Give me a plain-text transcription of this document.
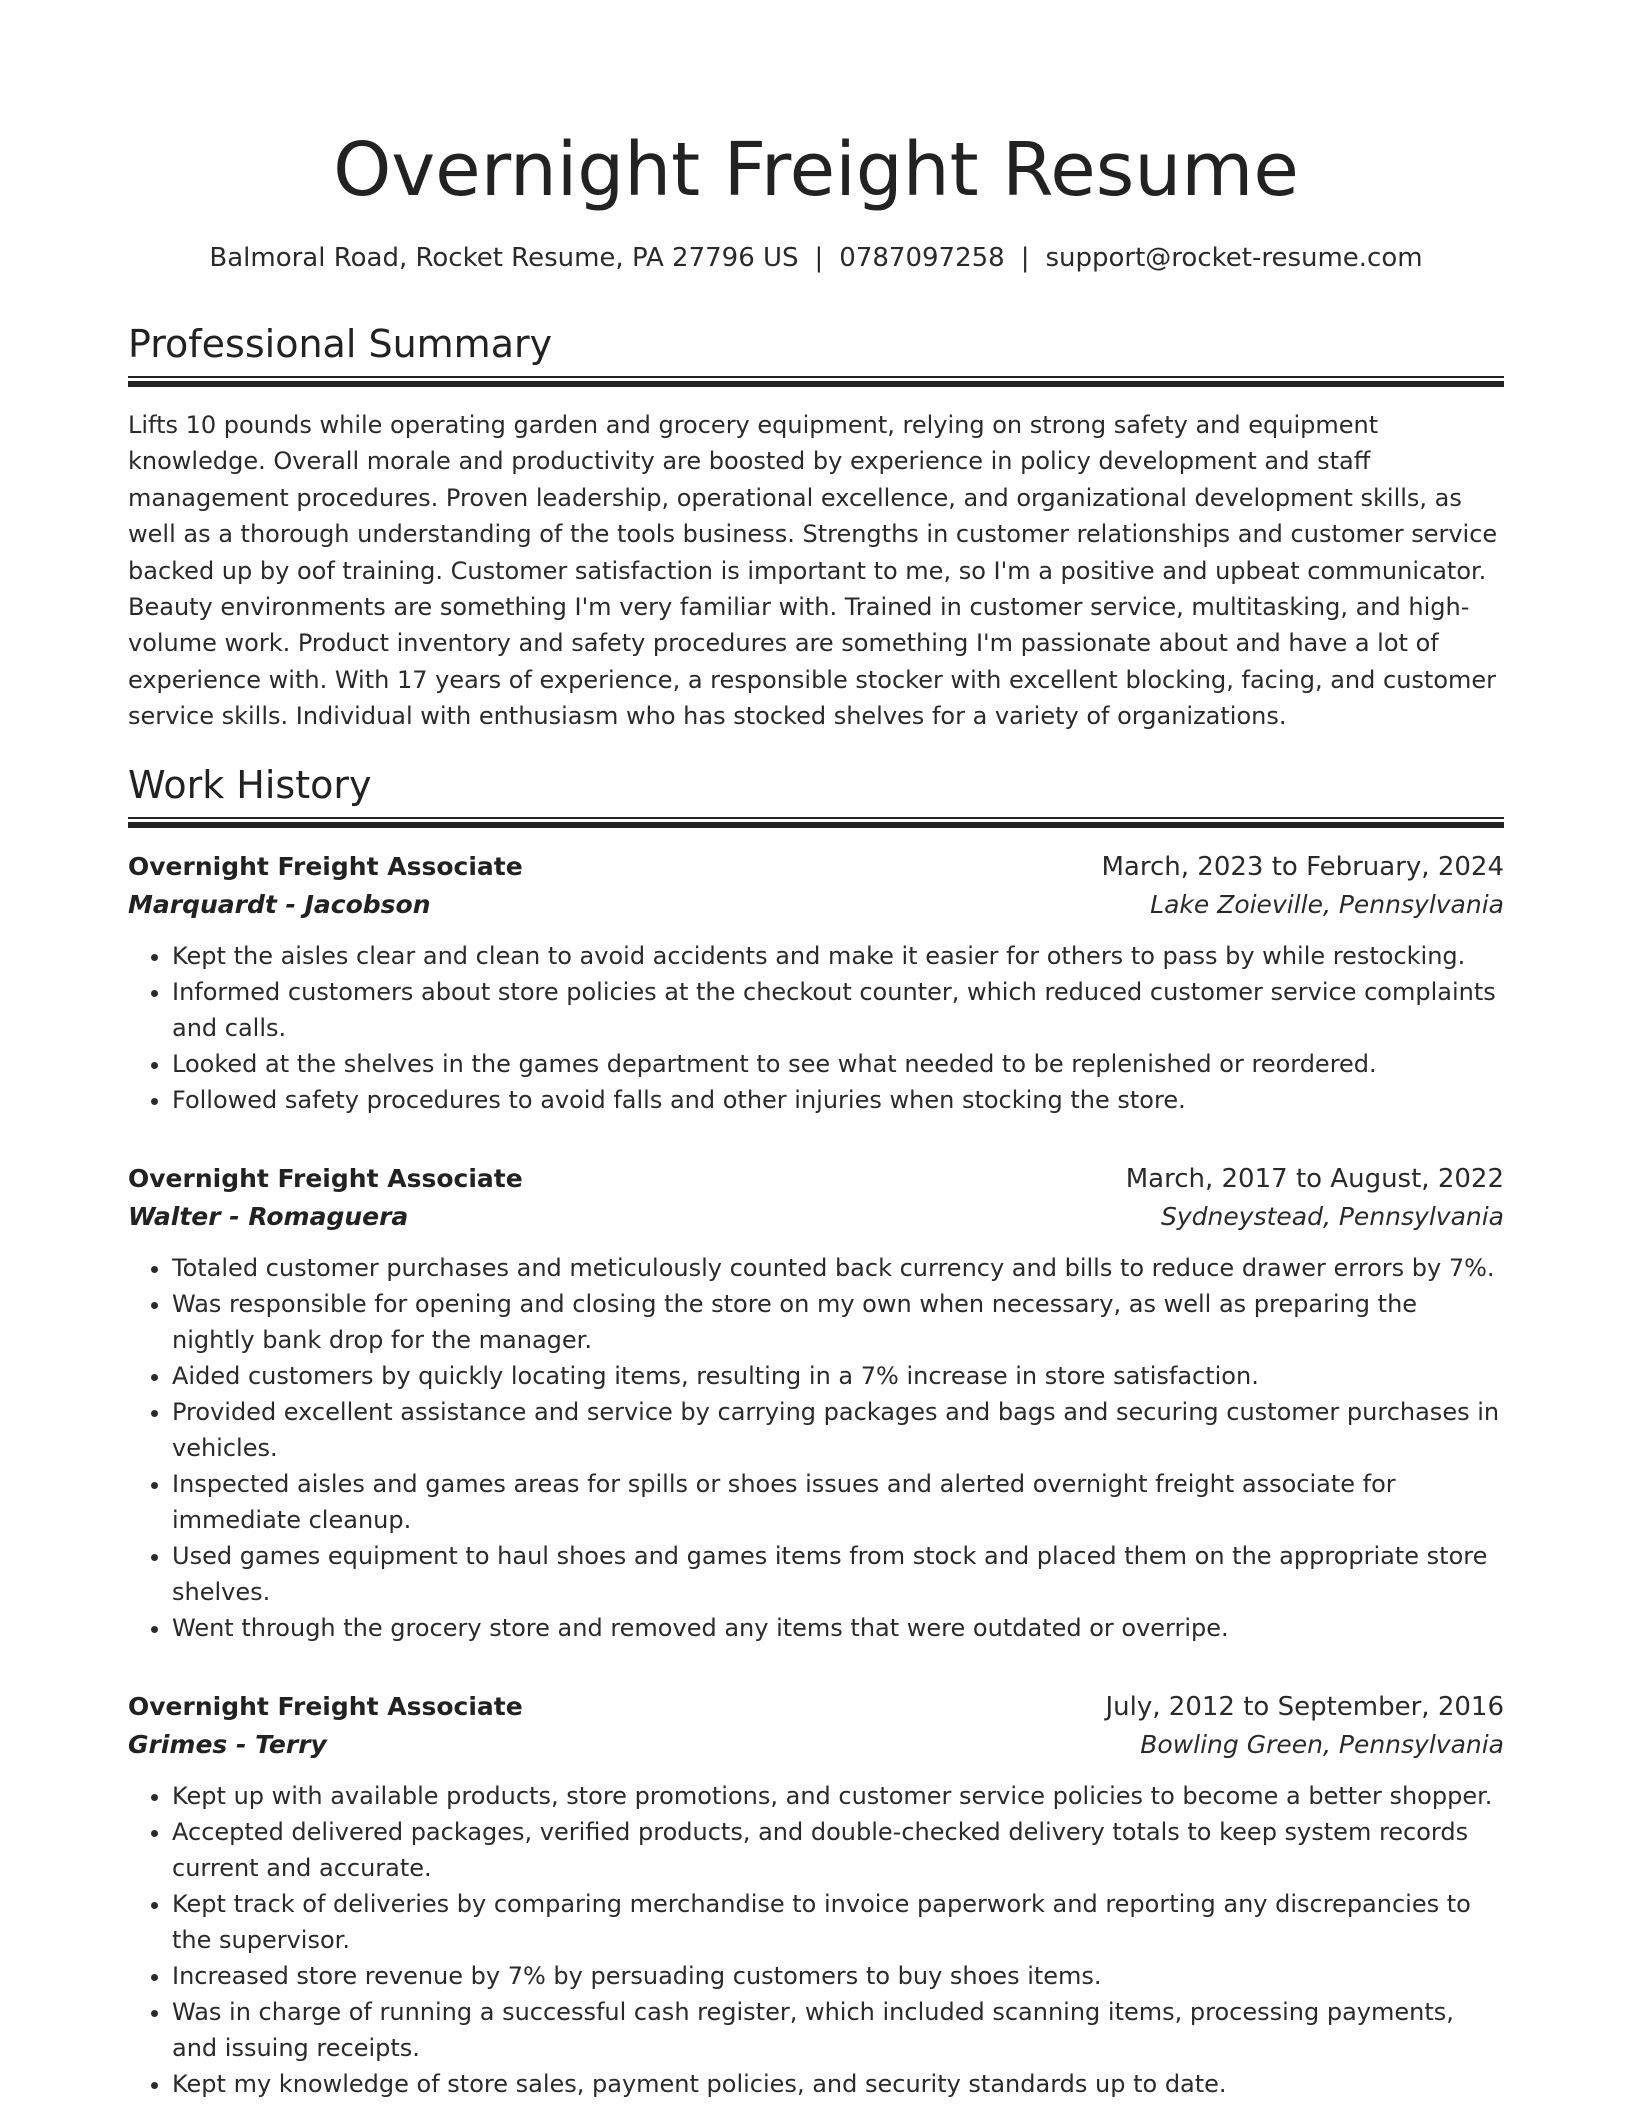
Overnight Freight Resume
Balmoral Road, Rocket Resume, PA 27796 US | 0787097258 | support@rocket-resume.com
Professional Summary

Lifts 10 pounds while operating garden and grocery equipment, relying on strong safety and equipment knowledge. Overall morale and productivity are boosted by experience in policy development and staff management procedures. Proven leadership, operational excellence, and organizational development skills, as well as a thorough understanding of the tools business. Strengths in customer relationships and customer service backed up by oof training. Customer satisfaction is important to me, so I'm a positive and upbeat communicator. Beauty environments are something I'm very familiar with. Trained in customer service, multitasking, and high-volume work. Product inventory and safety procedures are something I'm passionate about and have a lot of experience with. With 17 years of experience, a responsible stocker with excellent blocking, facing, and customer service skills. Individual with enthusiasm who has stocked shelves for a variety of organizations.

Work History
Overnight Freight Associate	March, 2023 to February, 2024
Marquardt - Jacobson	Lake Zoieville, Pennsylvania
• Kept the aisles clear and clean to avoid accidents and make it easier for others to pass by while restocking.
• Informed customers about store policies at the checkout counter, which reduced customer service complaints and calls.
• Looked at the shelves in the games department to see what needed to be replenished or reordered.
• Followed safety procedures to avoid falls and other injuries when stocking the store.
Overnight Freight Associate	March, 2017 to August, 2022
Walter - Romaguera	Sydneystead, Pennsylvania
• Totaled customer purchases and meticulously counted back currency and bills to reduce drawer errors by 7%.
• Was responsible for opening and closing the store on my own when necessary, as well as preparing the nightly bank drop for the manager.
• Aided customers by quickly locating items, resulting in a 7% increase in store satisfaction.
• Provided excellent assistance and service by carrying packages and bags and securing customer purchases in vehicles.
• Inspected aisles and games areas for spills or shoes issues and alerted overnight freight associate for immediate cleanup.
• Used games equipment to haul shoes and games items from stock and placed them on the appropriate store shelves.
• Went through the grocery store and removed any items that were outdated or overripe.
Overnight Freight Associate	July, 2012 to September, 2016
Grimes - Terry	Bowling Green, Pennsylvania
• Kept up with available products, store promotions, and customer service policies to become a better shopper.
• Accepted delivered packages, verified products, and double-checked delivery totals to keep system records current and accurate.
• Kept track of deliveries by comparing merchandise to invoice paperwork and reporting any discrepancies to the supervisor.
• Increased store revenue by 7% by persuading customers to buy shoes items.
• Was in charge of running a successful cash register, which included scanning items, processing payments, and issuing receipts.
• Kept my knowledge of store sales, payment policies, and security standards up to date.
